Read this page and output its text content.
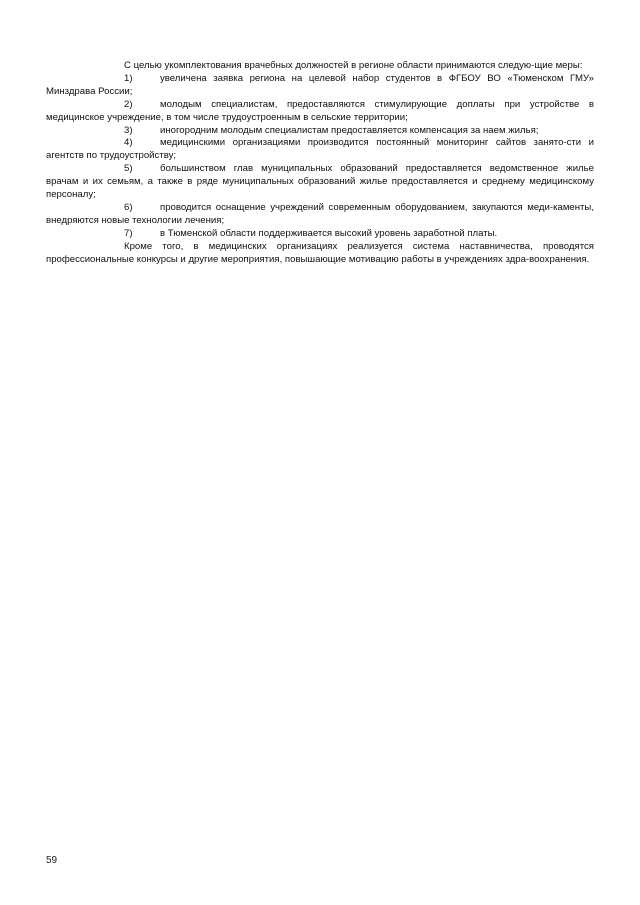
С целью укомплектования врачебных должностей в регионе области принимаются следую-щие меры:

1)	увеличена заявка региона на целевой набор студентов в ФГБОУ ВО «Тюменском ГМУ» Минздрава России;

2)	молодым специалистам, предоставляются стимулирующие доплаты при устройстве в медицинское учреждение, в том числе трудоустроенным в сельские территории;

3)	иногородним молодым специалистам предоставляется компенсация за наем жилья;

4)	медицинскими организациями производится постоянный мониторинг сайтов занято-сти и агентств по трудоустройству;

5)	большинством глав муниципальных образований предоставляется ведомственное жилье врачам и их семьям, а также в ряде муниципальных образований жилье предоставляется и среднему медицинскому персоналу;

6)	проводится оснащение учреждений современным оборудованием, закупаются меди-каменты, внедряются новые технологии лечения;

7)	в Тюменской области поддерживается высокий уровень заработной платы.

Кроме того, в медицинских организациях реализуется система наставничества, проводятся профессиональные конкурсы и другие мероприятия, повышающие мотивацию работы в учреждениях здра-воохранения.

59
